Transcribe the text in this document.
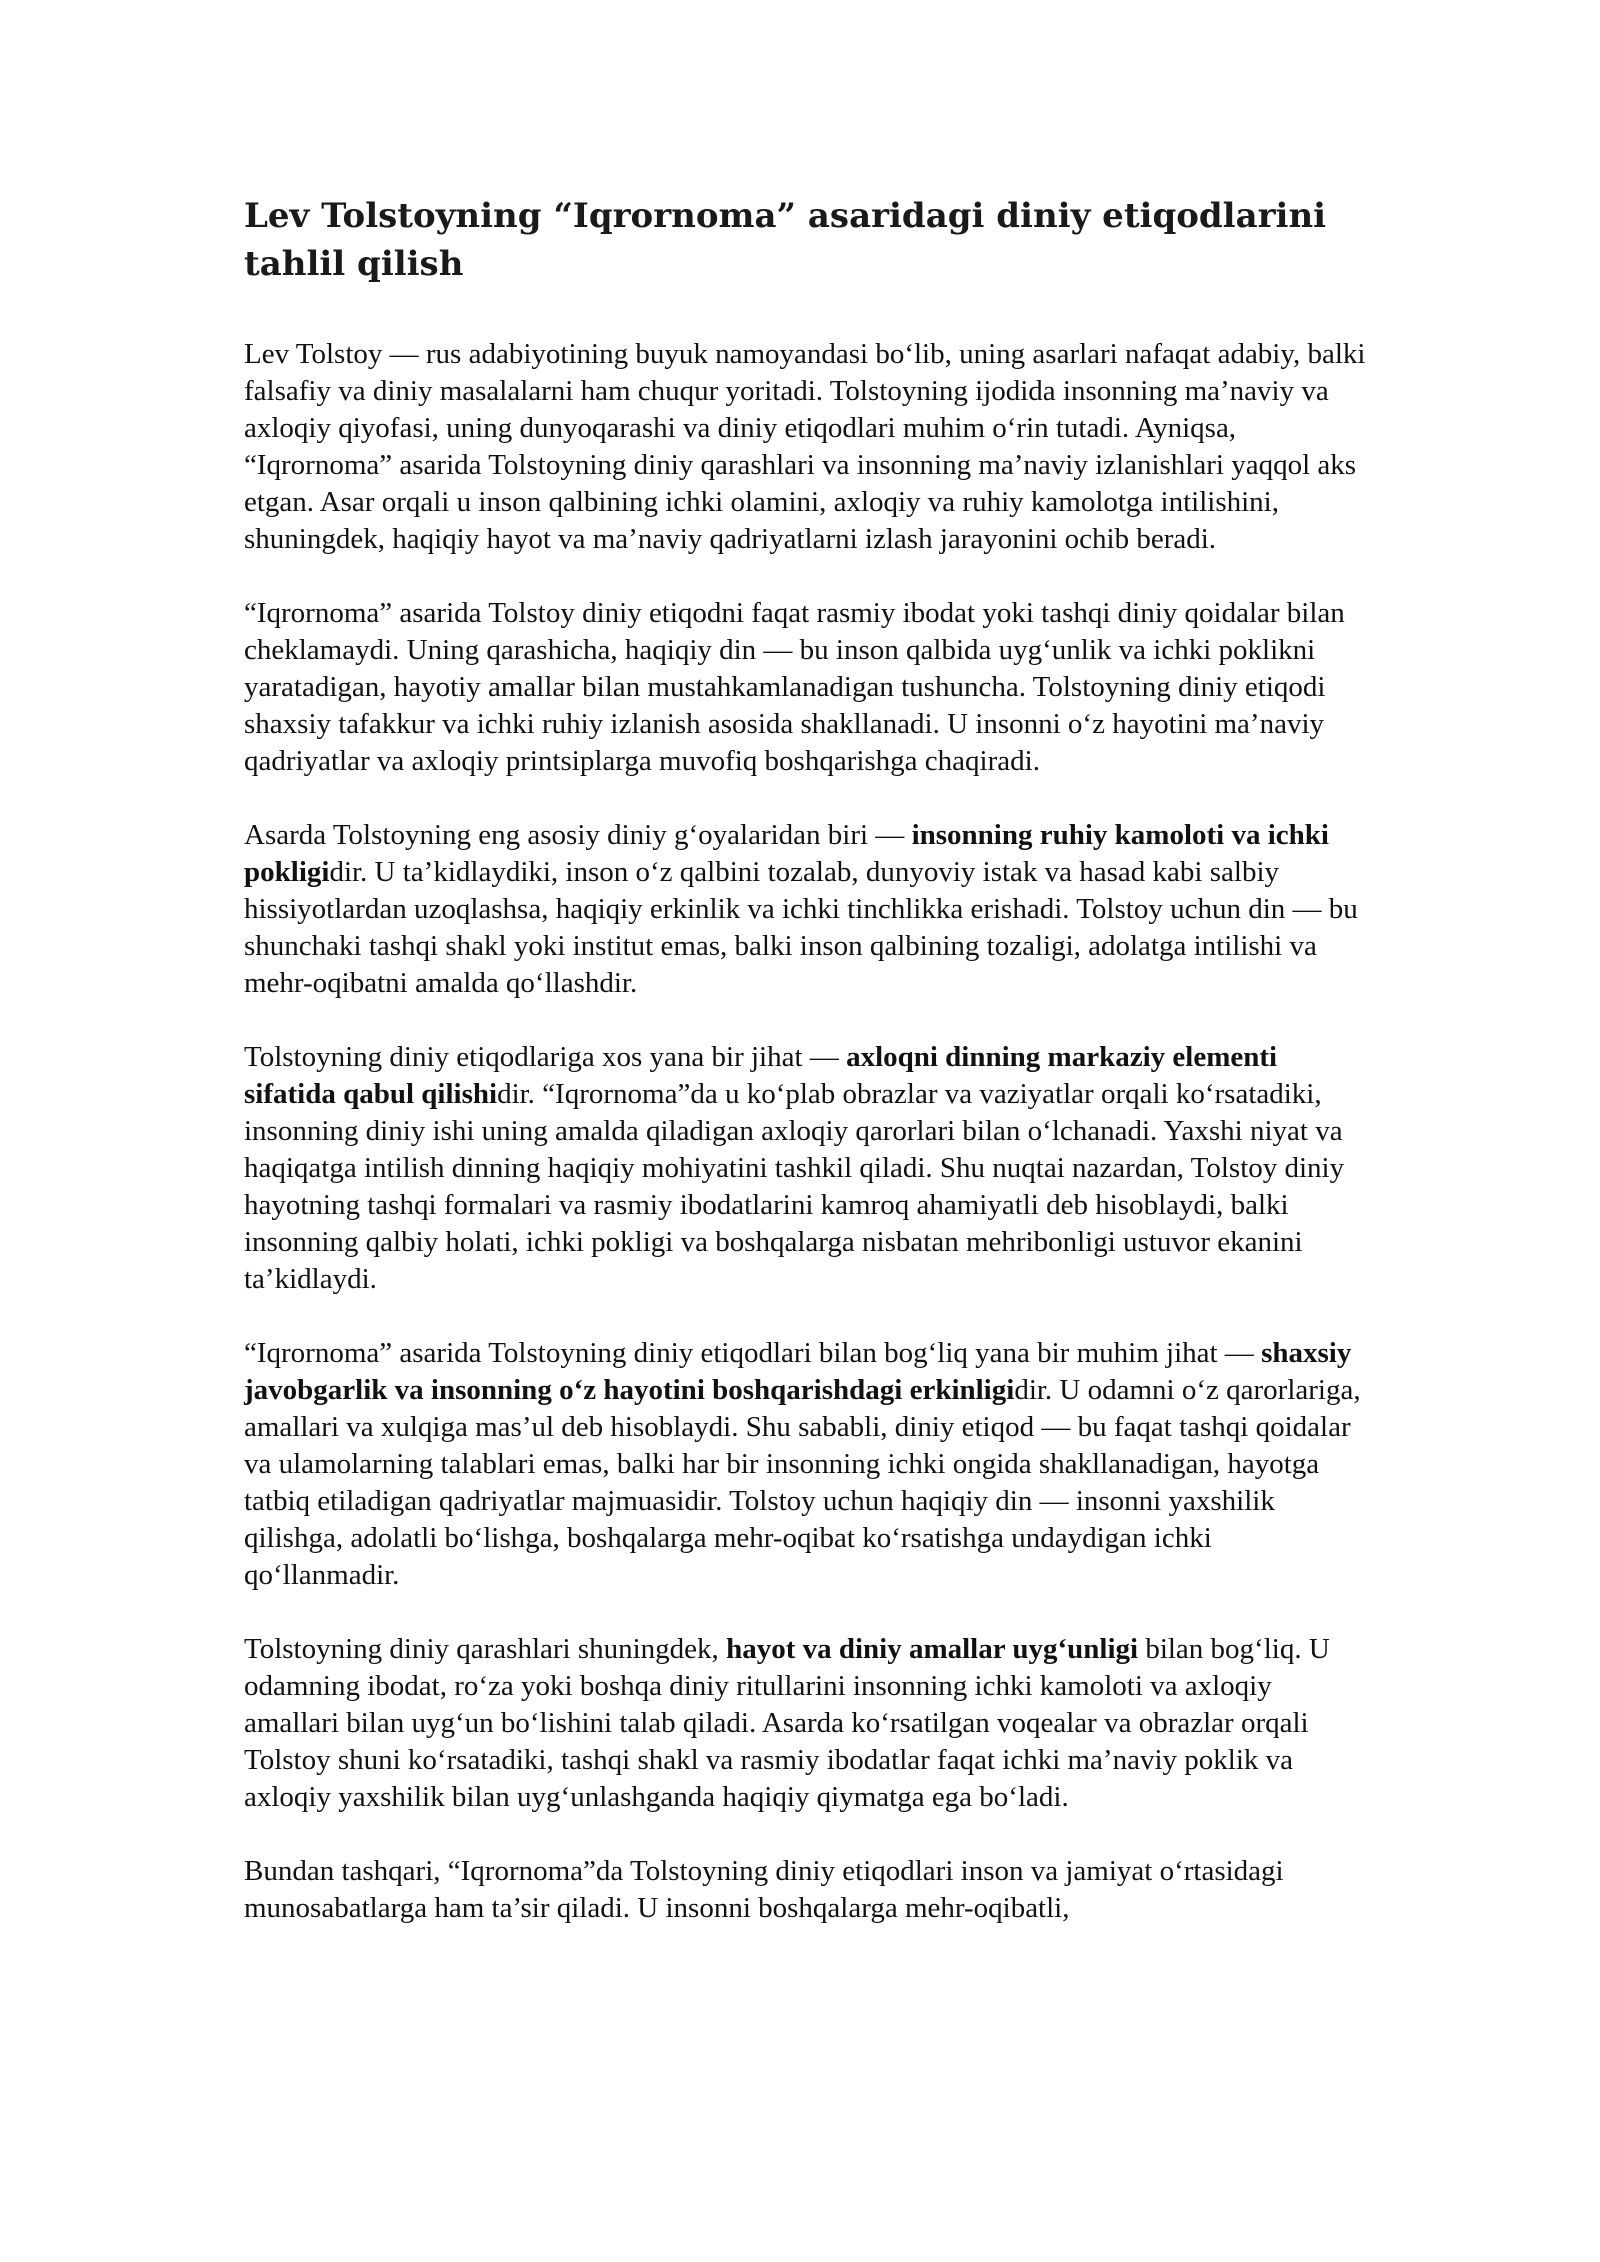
Lev Tolstoyning “Iqrornoma” asaridagi diniy etiqodlarini tahlil qilish

Lev Tolstoy — rus adabiyotining buyuk namoyandasi bo‘lib, uning asarlari nafaqat adabiy, balki falsafiy va diniy masalalarni ham chuqur yoritadi. Tolstoyning ijodida insonning ma’naviy va axloqiy qiyofasi, uning dunyoqarashi va diniy etiqodlari muhim o‘rin tutadi. Ayniqsa, “Iqrornoma” asarida Tolstoyning diniy qarashlari va insonning ma’naviy izlanishlari yaqqol aks etgan. Asar orqali u inson qalbining ichki olamini, axloqiy va ruhiy kamolotga intilishini, shuningdek, haqiqiy hayot va ma’naviy qadriyatlarni izlash jarayonini ochib beradi.

“Iqrornoma” asarida Tolstoy diniy etiqodni faqat rasmiy ibodat yoki tashqi diniy qoidalar bilan cheklamaydi. Uning qarashicha, haqiqiy din — bu inson qalbida uyg‘unlik va ichki poklikni yaratadigan, hayotiy amallar bilan mustahkamlanadigan tushuncha. Tolstoyning diniy etiqodi shaxsiy tafakkur va ichki ruhiy izlanish asosida shakllanadi. U insonni o‘z hayotini ma’naviy qadriyatlar va axloqiy printsiplarga muvofiq boshqarishga chaqiradi.

Asarda Tolstoyning eng asosiy diniy g‘oyalaridan biri — insonning ruhiy kamoloti va ichki pokligidir. U ta’kidlaydiki, inson o‘z qalbini tozalab, dunyoviy istak va hasad kabi salbiy hissiyotlardan uzoqlashsa, haqiqiy erkinlik va ichki tinchlikka erishadi. Tolstoy uchun din — bu shunchaki tashqi shakl yoki institut emas, balki inson qalbining tozaligi, adolatga intilishi va mehr-oqibatni amalda qo‘llashdir.

Tolstoyning diniy etiqodlariga xos yana bir jihat — axloqni dinning markaziy elementi sifatida qabul qilishidir. “Iqrornoma”da u ko‘plab obrazlar va vaziyatlar orqali ko‘rsatadiki, insonning diniy ishi uning amalda qiladigan axloqiy qarorlari bilan o‘lchanadi. Yaxshi niyat va haqiqatga intilish dinning haqiqiy mohiyatini tashkil qiladi. Shu nuqtai nazardan, Tolstoy diniy hayotning tashqi formalari va rasmiy ibodatlarini kamroq ahamiyatli deb hisoblaydi, balki insonning qalbiy holati, ichki pokligi va boshqalarga nisbatan mehribonligi ustuvor ekanini ta’kidlaydi.

“Iqrornoma” asarida Tolstoyning diniy etiqodlari bilan bog‘liq yana bir muhim jihat — shaxsiy javobgarlik va insonning o‘z hayotini boshqarishdagi erkinligidir. U odamni o‘z qarorlariga, amallari va xulqiga mas’ul deb hisoblaydi. Shu sababli, diniy etiqod — bu faqat tashqi qoidalar va ulamolarning talablari emas, balki har bir insonning ichki ongida shakllanadigan, hayotga tatbiq etiladigan qadriyatlar majmuasidir. Tolstoy uchun haqiqiy din — insonni yaxshilik qilishga, adolatli bo‘lishga, boshqalarga mehr-oqibat ko‘rsatishga undaydigan ichki qo‘llanmadir.

Tolstoyning diniy qarashlari shuningdek, hayot va diniy amallar uyg‘unligi bilan bog‘liq. U odamning ibodat, ro‘za yoki boshqa diniy ritullarini insonning ichki kamoloti va axloqiy amallari bilan uyg‘un bo‘lishini talab qiladi. Asarda ko‘rsatilgan voqealar va obrazlar orqali Tolstoy shuni ko‘rsatadiki, tashqi shakl va rasmiy ibodatlar faqat ichki ma’naviy poklik va axloqiy yaxshilik bilan uyg‘unlashganda haqiqiy qiymatga ega bo‘ladi.

Bundan tashqari, “Iqrornoma”da Tolstoyning diniy etiqodlari inson va jamiyat o‘rtasidagi munosabatlarga ham ta’sir qiladi. U insonni boshqalarga mehr-oqibatli,
